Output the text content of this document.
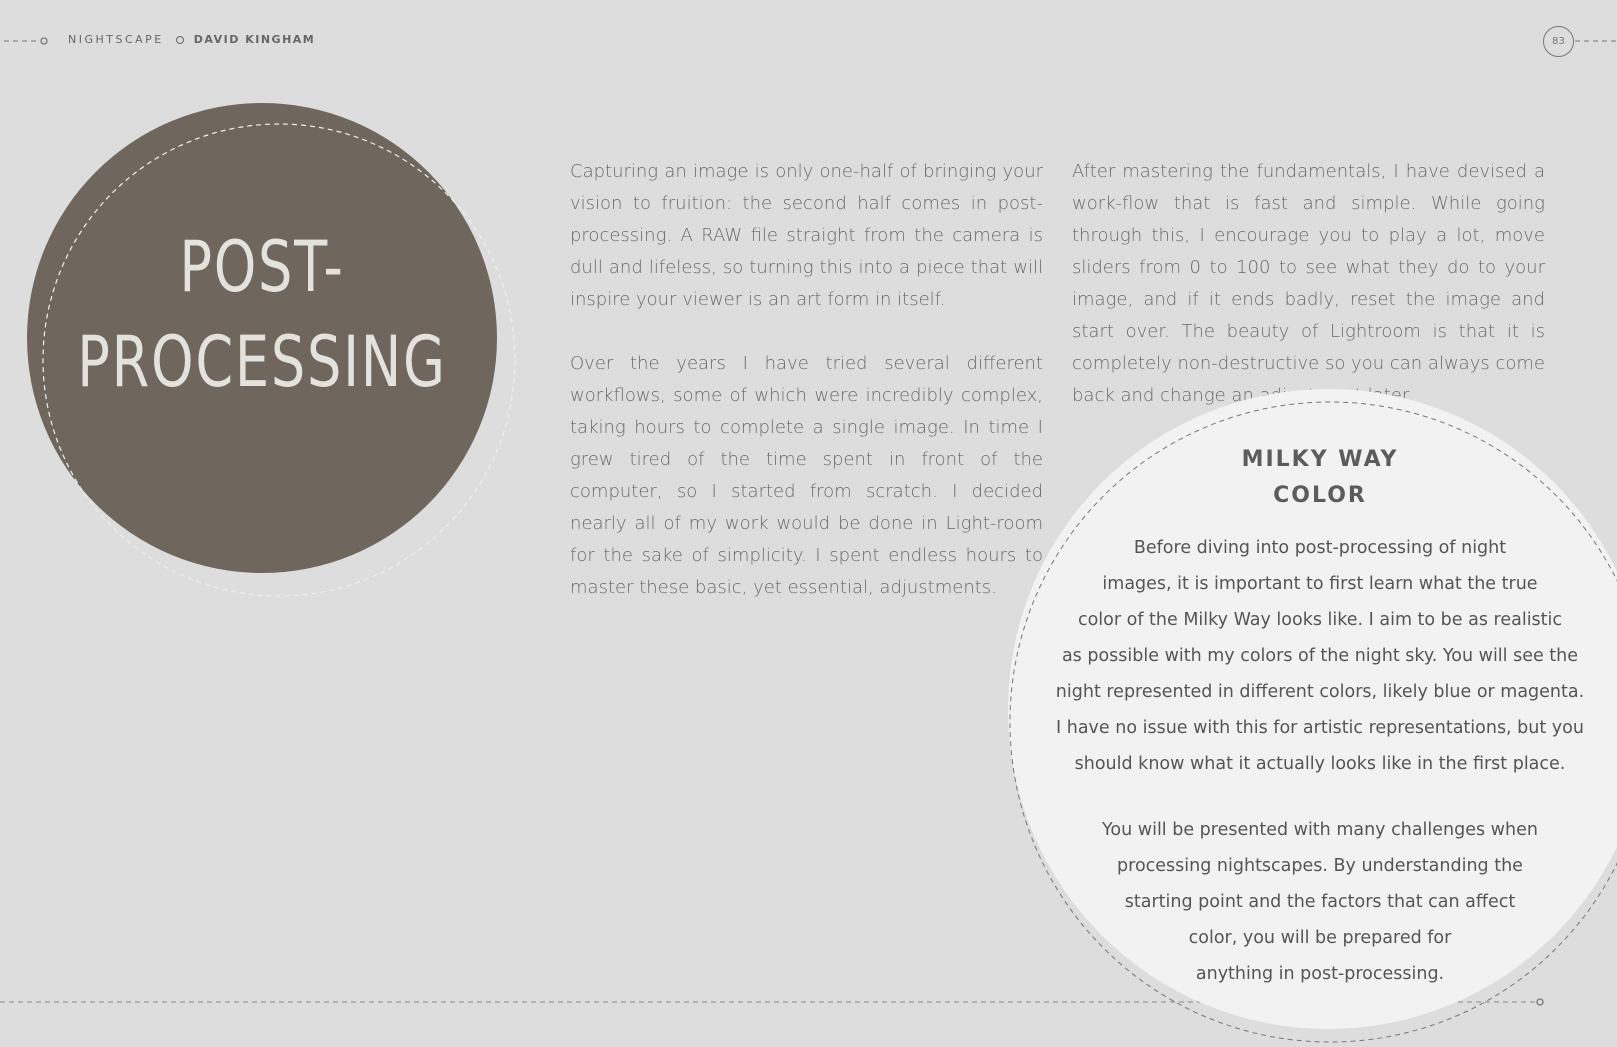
NIGHTSCAPE	DAVID KINGHAM	83
POST-
PROCESSING

Capturing an image is only one-half of bringing your vision to fruition: the second half comes in post-processing. A RAW file straight from the camera is dull and lifeless, so turning this into a piece that will inspire your viewer is an art form in itself.

Over the years I have tried several different workflows, some of which were incredibly complex, taking hours to complete a single image. In time I grew tired of the time spent in front of the computer, so I started from scratch. I decided nearly all of my work would be done in Light-room for the sake of simplicity. I spent endless hours to master these basic, yet essential, adjustments.

After mastering the fundamentals, I have devised a work-flow that is fast and simple. While going through this, I encourage you to play a lot, move sliders from 0 to 100 to see what they do to your image, and if it ends badly, reset the image and start over. The beauty of Lightroom is that it is completely non-destructive so you can always come back and change an adjustment later.

MILKY WAY
COLOR

Before diving into post-processing of night
images, it is important to first learn what the true
color of the Milky Way looks like. I aim to be as realistic
as possible with my colors of the night sky. You will see the
night represented in different colors, likely blue or magenta.
I have no issue with this for artistic representations, but you
should know what it actually looks like in the first place.

You will be presented with many challenges when
processing nightscapes. By understanding the
starting point and the factors that can affect
color, you will be prepared for
anything in post-processing.
